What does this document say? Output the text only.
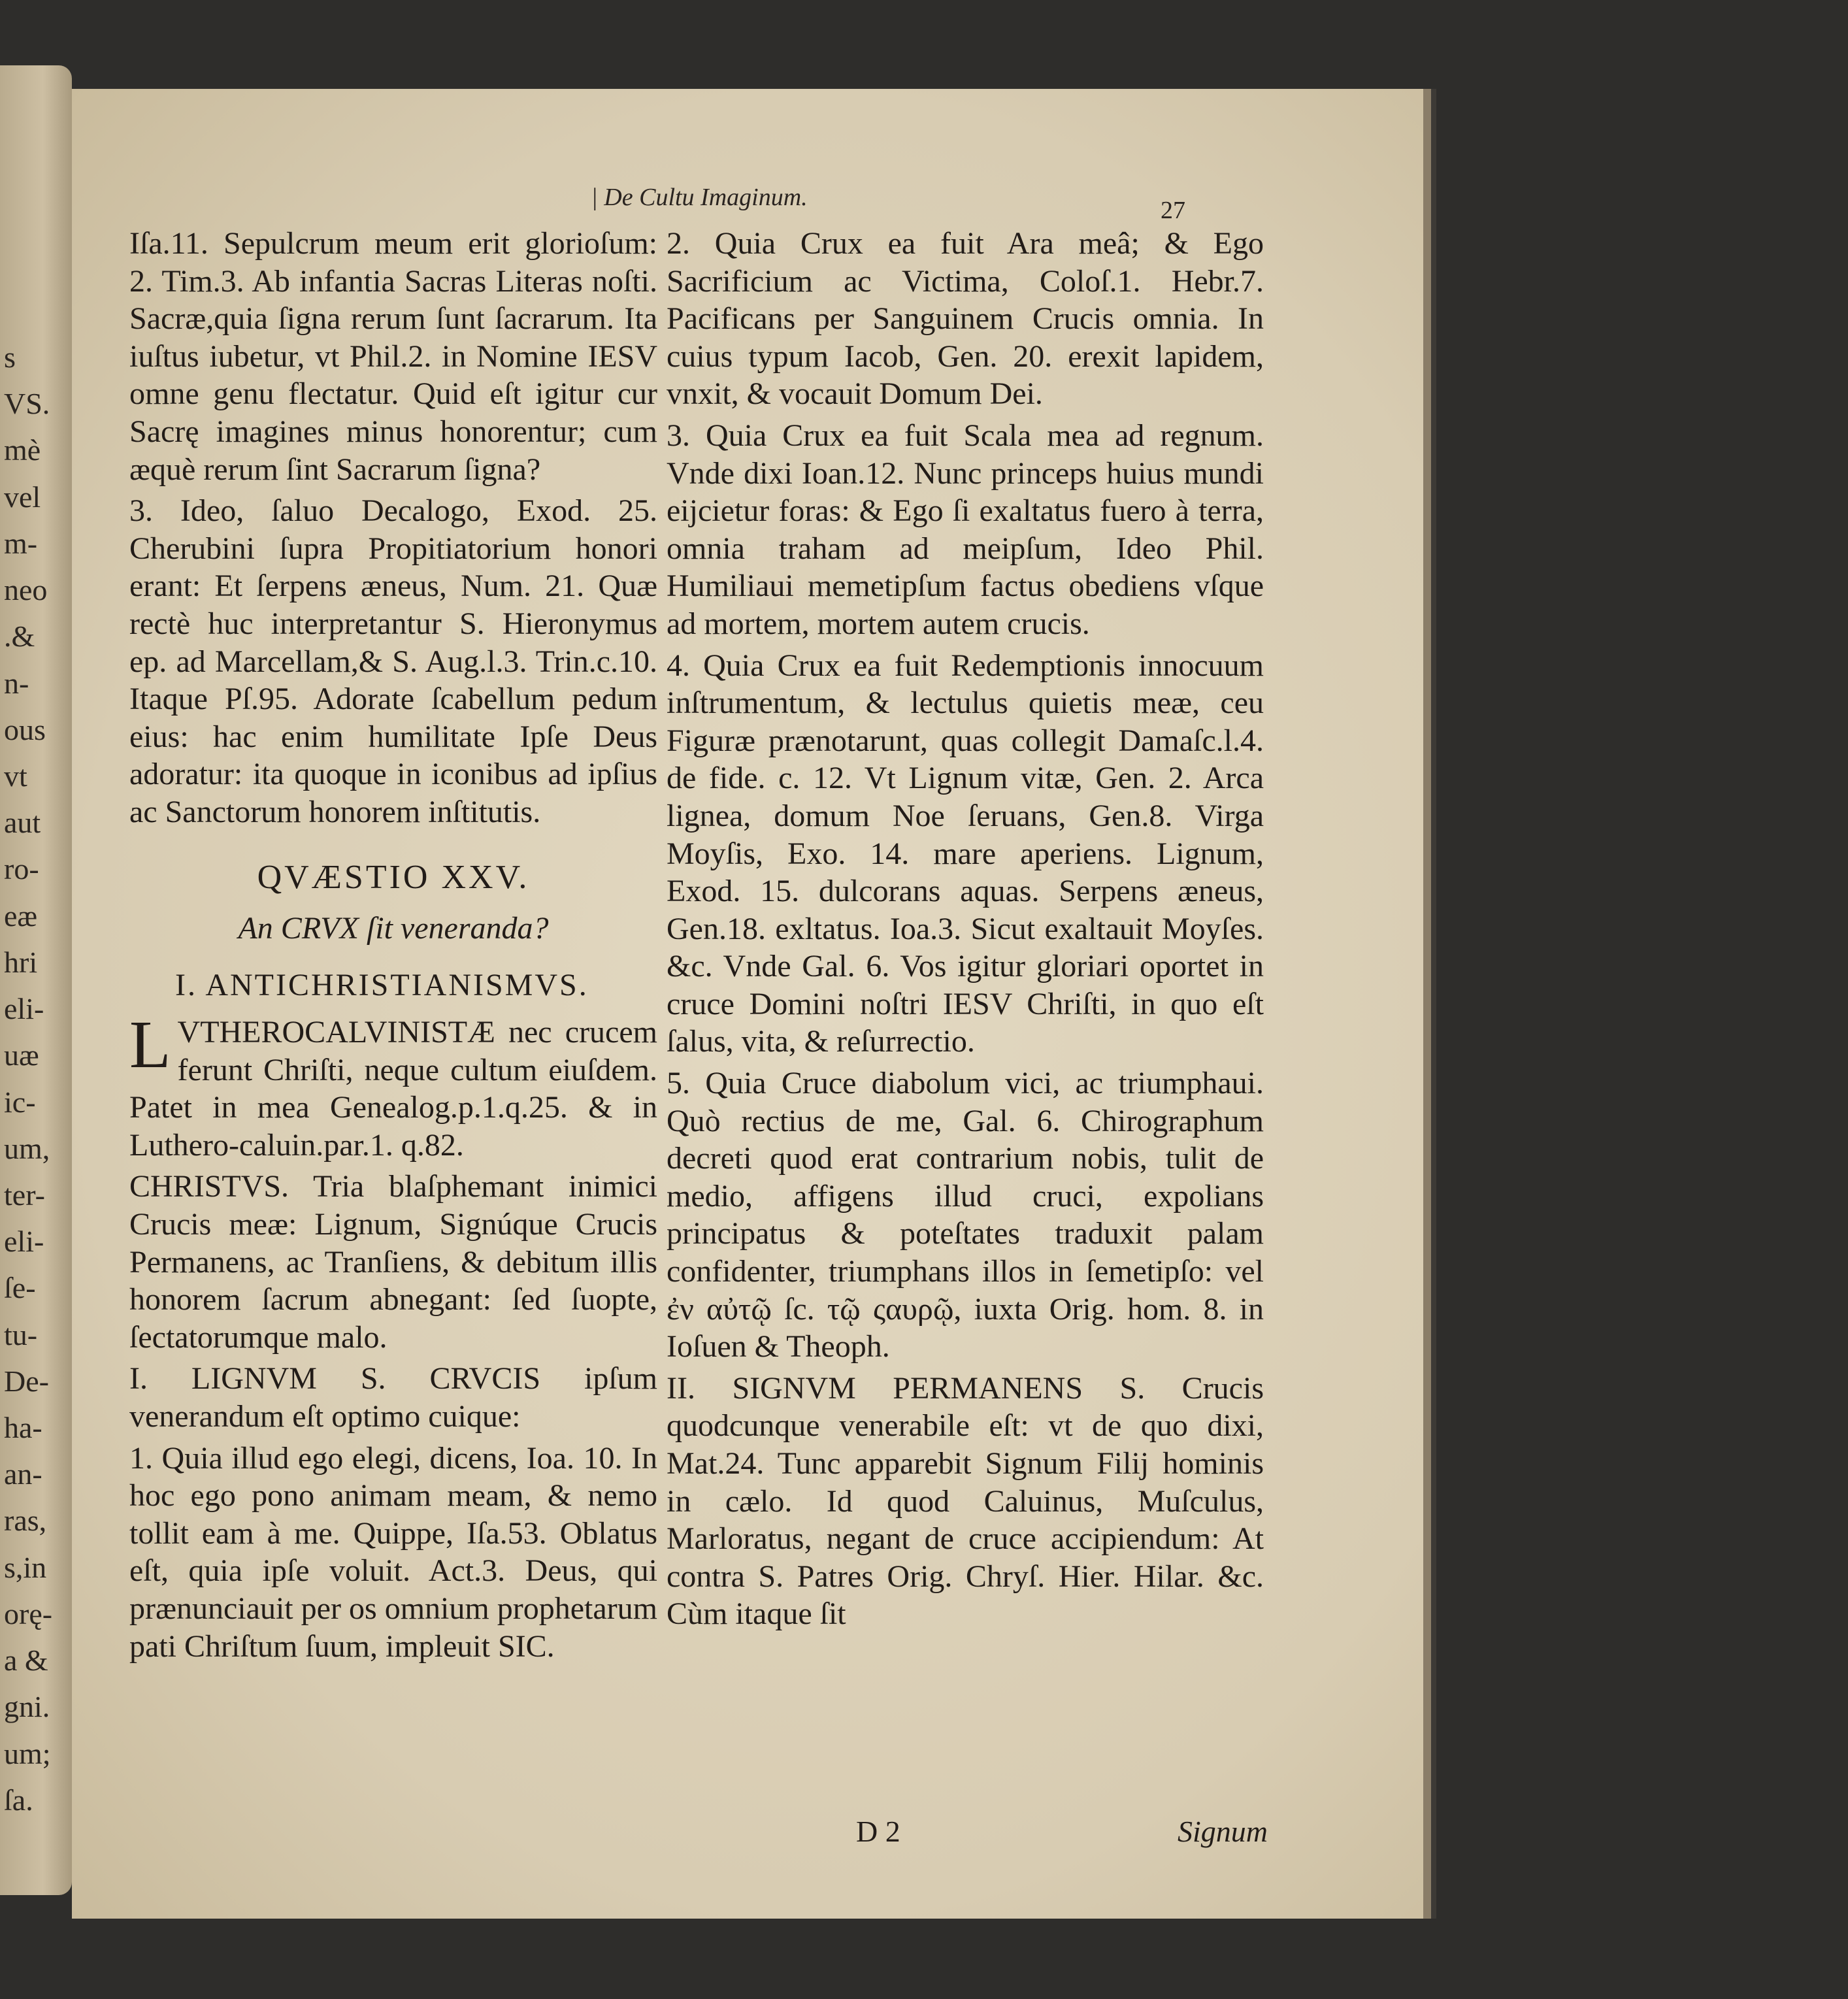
s
VS.
mè
vel
m-
neo
.&
n-
ous
vt
aut
ro-
eæ
hri
eli-
uæ
ic-
um,
ter-
eli-
ſe-
tu-
De-
ha-
an-
ras,
s,in
orę-
a &
gni.
um;
ſa.
| De Cultu Imaginum.	27

Iſa.11. Sepulcrum meum erit glorioſum: 2. Tim.3. Ab infantia Sacras Literas noſti. Sacræ,quia ſigna rerum ſunt ſacrarum. Ita iuſtus iubetur, vt Phil.2. in Nomine IESV omne genu flectatur. Quid eſt igitur cur Sacrę imagines minus honorentur; cum æquè rerum ſint Sacrarum ſigna?

3. Ideo, ſaluo Decalogo, Exod. 25. Cherubini ſupra Propitiatorium honori erant: Et ſerpens æneus, Num. 21. Quæ rectè huc interpretantur S. Hieronymus ep. ad Marcellam,& S. Aug.l.3. Trin.c.10. Itaque Pſ.95. Adorate ſcabellum pedum eius: hac enim humilitate Ipſe Deus adoratur: ita quoque in iconibus ad ipſius ac Sanctorum honorem inſtitutis.

QVÆSTIO XXV.
An CRVX ſit veneranda?
I. ANTICHRISTIANISMVS.

L VTHEROCALVINISTÆ nec crucem ferunt Chriſti, neque cultum eiuſdem. Patet in mea Genealog.p.1.q.25. & in Luthero-caluin.par.1. q.82.

CHRISTVS. Tria blaſphemant inimici Crucis meæ: Lignum, Signúque Crucis Permanens, ac Tranſiens, & debitum illis honorem ſacrum abnegant: ſed ſuopte, ſectatorumque malo.

I. LIGNVM S. CRVCIS ipſum venerandum eſt optimo cuique:

1. Quia illud ego elegi, dicens, Ioa. 10. In hoc ego pono animam meam, & nemo tollit eam à me. Quippe, Iſa.53. Oblatus eſt, quia ipſe voluit. Act.3. Deus, qui prænunciauit per os omnium prophetarum pati Chriſtum ſuum, impleuit SIC.

2. Quia Crux ea fuit Ara meâ; & Ego Sacrificium ac Victima, Coloſ.1. Hebr.7. Pacificans per Sanguinem Crucis omnia. In cuius typum Iacob, Gen. 20. erexit lapidem, vnxit, & vocauit Domum Dei.

3. Quia Crux ea fuit Scala mea ad regnum. Vnde dixi Ioan.12. Nunc princeps huius mundi eijcietur foras: & Ego ſi exaltatus fuero à terra, omnia traham ad meipſum, Ideo Phil. Humiliaui memetipſum factus obediens vſque ad mortem, mortem autem crucis.

4. Quia Crux ea fuit Redemptionis innocuum inſtrumentum, & lectulus quietis meæ, ceu Figuræ prænotarunt, quas collegit Damaſc.l.4. de fide. c. 12. Vt Lignum vitæ, Gen. 2. Arca lignea, domum Noe ſeruans, Gen.8. Virga Moyſis, Exo. 14. mare aperiens. Lignum, Exod. 15. dulcorans aquas. Serpens æneus, Gen.18. exltatus. Ioa.3. Sicut exaltauit Moyſes. &c. Vnde Gal. 6. Vos igitur gloriari oportet in cruce Domini noſtri IESV Chriſti, in quo eſt ſalus, vita, & reſurrectio.

5. Quia Cruce diabolum vici, ac triumphaui. Quò rectius de me, Gal. 6. Chirographum decreti quod erat contrarium nobis, tulit de medio, affigens illud cruci, expolians principatus & poteſtates traduxit palam confidenter, triumphans illos in ſemetipſo: vel ἐν αὐτῷ ſc. τῷ ςαυρῷ, iuxta Orig. hom. 8. in Ioſuen & Theoph.

II. SIGNVM PERMANENS S. Crucis quodcunque venerabile eſt: vt de quo dixi, Mat.24. Tunc apparebit Signum Filij hominis in cælo. Id quod Caluinus, Muſculus, Marloratus, negant de cruce accipiendum: At contra S. Patres Orig. Chryſ. Hier. Hilar. &c. Cùm itaque ſit

D 2	Signum
